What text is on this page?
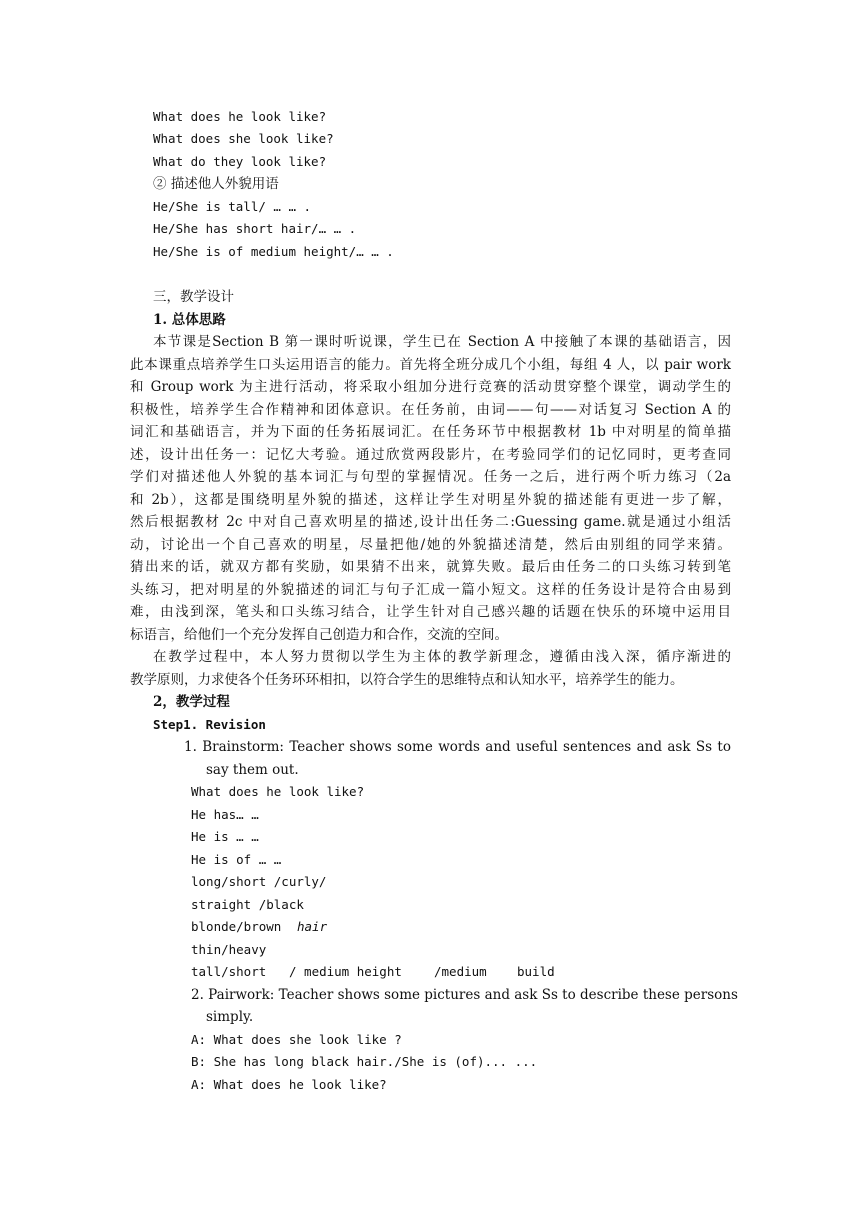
What does he look like?
What does she look like?
What do they look like?
② 描述他人外貌用语
He/She is tall/ … … .
He/She has short hair/… … .
He/She is of medium height/… … .
三，教学设计
1. 总体思路
本节课是Section B 第一课时听说课，学生已在 Section A 中接触了本课的基础语言，因
此本课重点培养学生口头运用语言的能力。首先将全班分成几个小组，每组 4 人，以 pair work
和 Group work 为主进行活动，将采取小组加分进行竞赛的活动贯穿整个课堂，调动学生的
积极性，培养学生合作精神和团体意识。在任务前，由词——句——对话复习 Section A 的
词汇和基础语言，并为下面的任务拓展词汇。在任务环节中根据教材 1b 中对明星的简单描
述，设计出任务一：记忆大考验。通过欣赏两段影片，在考验同学们的记忆同时，更考查同
学们对描述他人外貌的基本词汇与句型的掌握情况。任务一之后，进行两个听力练习（2a
和 2b），这都是围绕明星外貌的描述，这样让学生对明星外貌的描述能有更进一步了解，
然后根据教材 2c 中对自己喜欢明星的描述,设计出任务二:Guessing game.就是通过小组活
动，讨论出一个自己喜欢的明星，尽量把他/她的外貌描述清楚，然后由别组的同学来猜。
猜出来的话，就双方都有奖励，如果猜不出来，就算失败。最后由任务二的口头练习转到笔
头练习，把对明星的外貌描述的词汇与句子汇成一篇小短文。这样的任务设计是符合由易到
难，由浅到深，笔头和口头练习结合，让学生针对自己感兴趣的话题在快乐的环境中运用目
标语言，给他们一个充分发挥自己创造力和合作，交流的空间。
在教学过程中，本人努力贯彻以学生为主体的教学新理念，遵循由浅入深，循序渐进的
教学原则，力求使各个任务环环相扣，以符合学生的思维特点和认知水平，培养学生的能力。
2，教学过程
Step1. Revision
1. Brainstorm: Teacher shows some words and useful sentences and ask Ss to
say them out.
What does he look like?
He has… …
He is … …
He is of … …
long/short /curly/
straight /black
blonde/brown hair
thin/heavy
tall/short / medium height	/medium build
2. Pairwork: Teacher shows some pictures and ask Ss to describe these persons
simply.
A: What does she look like ?
B: She has long black hair./She is (of)... ...
A: What does he look like?
